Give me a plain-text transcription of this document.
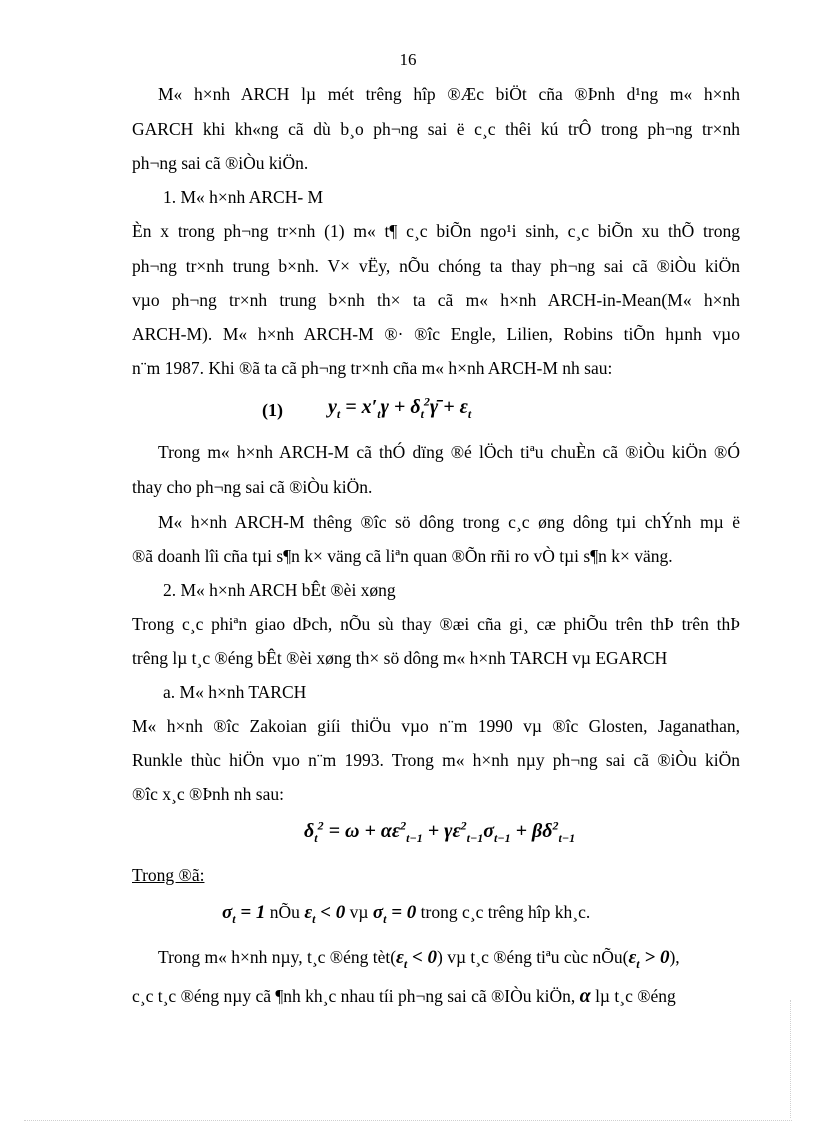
16
M« h×nh ARCH lµ mét trêng hîp ®Æc biÖt cña ®Þnh d¹ng m« h×nh
GARCH khi kh«ng cã dù b¸o ph¬ng sai ë c¸c thêi kú trÔ trong ph¬ng tr×nh
ph¬ng sai cã ®iÒu kiÖn.
1. M« h×nh ARCH- M
Èn x trong ph¬ng tr×nh (1) m« t¶ c¸c biÕn ngo¹i sinh, c¸c biÕn xu thÕ trong
ph¬ng tr×nh trung b×nh. V× vËy, nÕu chóng ta thay ph¬ng sai cã ®iÒu kiÖn
vµo ph¬ng tr×nh trung b×nh th× ta cã m« h×nh ARCH-in-Mean(M« h×nh
ARCH-M). M« h×nh ARCH-M ®· ®îc Engle, Lilien, Robins tiÕn hµnh vµo
n¨m 1987. Khi ®ã ta cã ph¬ng tr×nh cña m« h×nh ARCH-M nh sau:
(1) $y_t = x'_t\gamma$ + $\delta_t^2\gammā + \varepsilon_t$
Trong m« h×nh ARCH-M cã thÓ dïng ®é lÖch tiªu chuÈn cã ®iÒu kiÖn ®Ó
thay cho ph¬ng sai cã ®iÒu kiÖn.
M« h×nh ARCH-M thêng ®îc sö dông trong c¸c øng dông tµi chÝnh mµ ë
®ã doanh lîi cña tµi s¶n k× väng cã liªn quan ®Õn rñi ro vÒ tµi s¶n k× väng.
2. M« h×nh ARCH bÊt ®èi xøng
Trong c¸c phiªn giao dÞch, nÕu sù thay ®æi cña gi¸ cæ phiÕu trên thÞ trên thÞ
trêng lµ t¸c ®éng bÊt ®èi xøng th× sö dông m« h×nh TARCH vµ EGARCH
a. M« h×nh TARCH
M« h×nh ®îc Zakoian giíi thiÖu vµo n¨m 1990 vµ ®îc Glosten, Jaganathan,
Runkle thùc hiÖn vµo n¨m 1993. Trong m« h×nh nµy ph¬ng sai cã ®iÒu kiÖn
®îc x¸c ®Þnh nh sau:
$\delta_t^2 = \omega + \alpha\varepsilon^2_{t-1} + \gamma\varepsilon^2_{t-1}\sigma_{t-1} + \beta\delta^2_{t-1}$
Trong ®ã:
$\sigma_t = 1$ nÕu $\varepsilon_t < 0$ vµ $\sigma_t = 0$ trong c¸c trêng hîp kh¸c.
Trong m« h×nh nµy, t¸c ®éng $tèt(\varepsilon_t < 0)$ vµ t¸c ®éng tiªu cùc $nÕu(\varepsilon_t > 0)$,
c¸c t¸c ®éng nµy cã ¶nh kh¸c nhau tíi ph¬ng sai cã ®IÒu kiÖn, α lµ t¸c ®éng
